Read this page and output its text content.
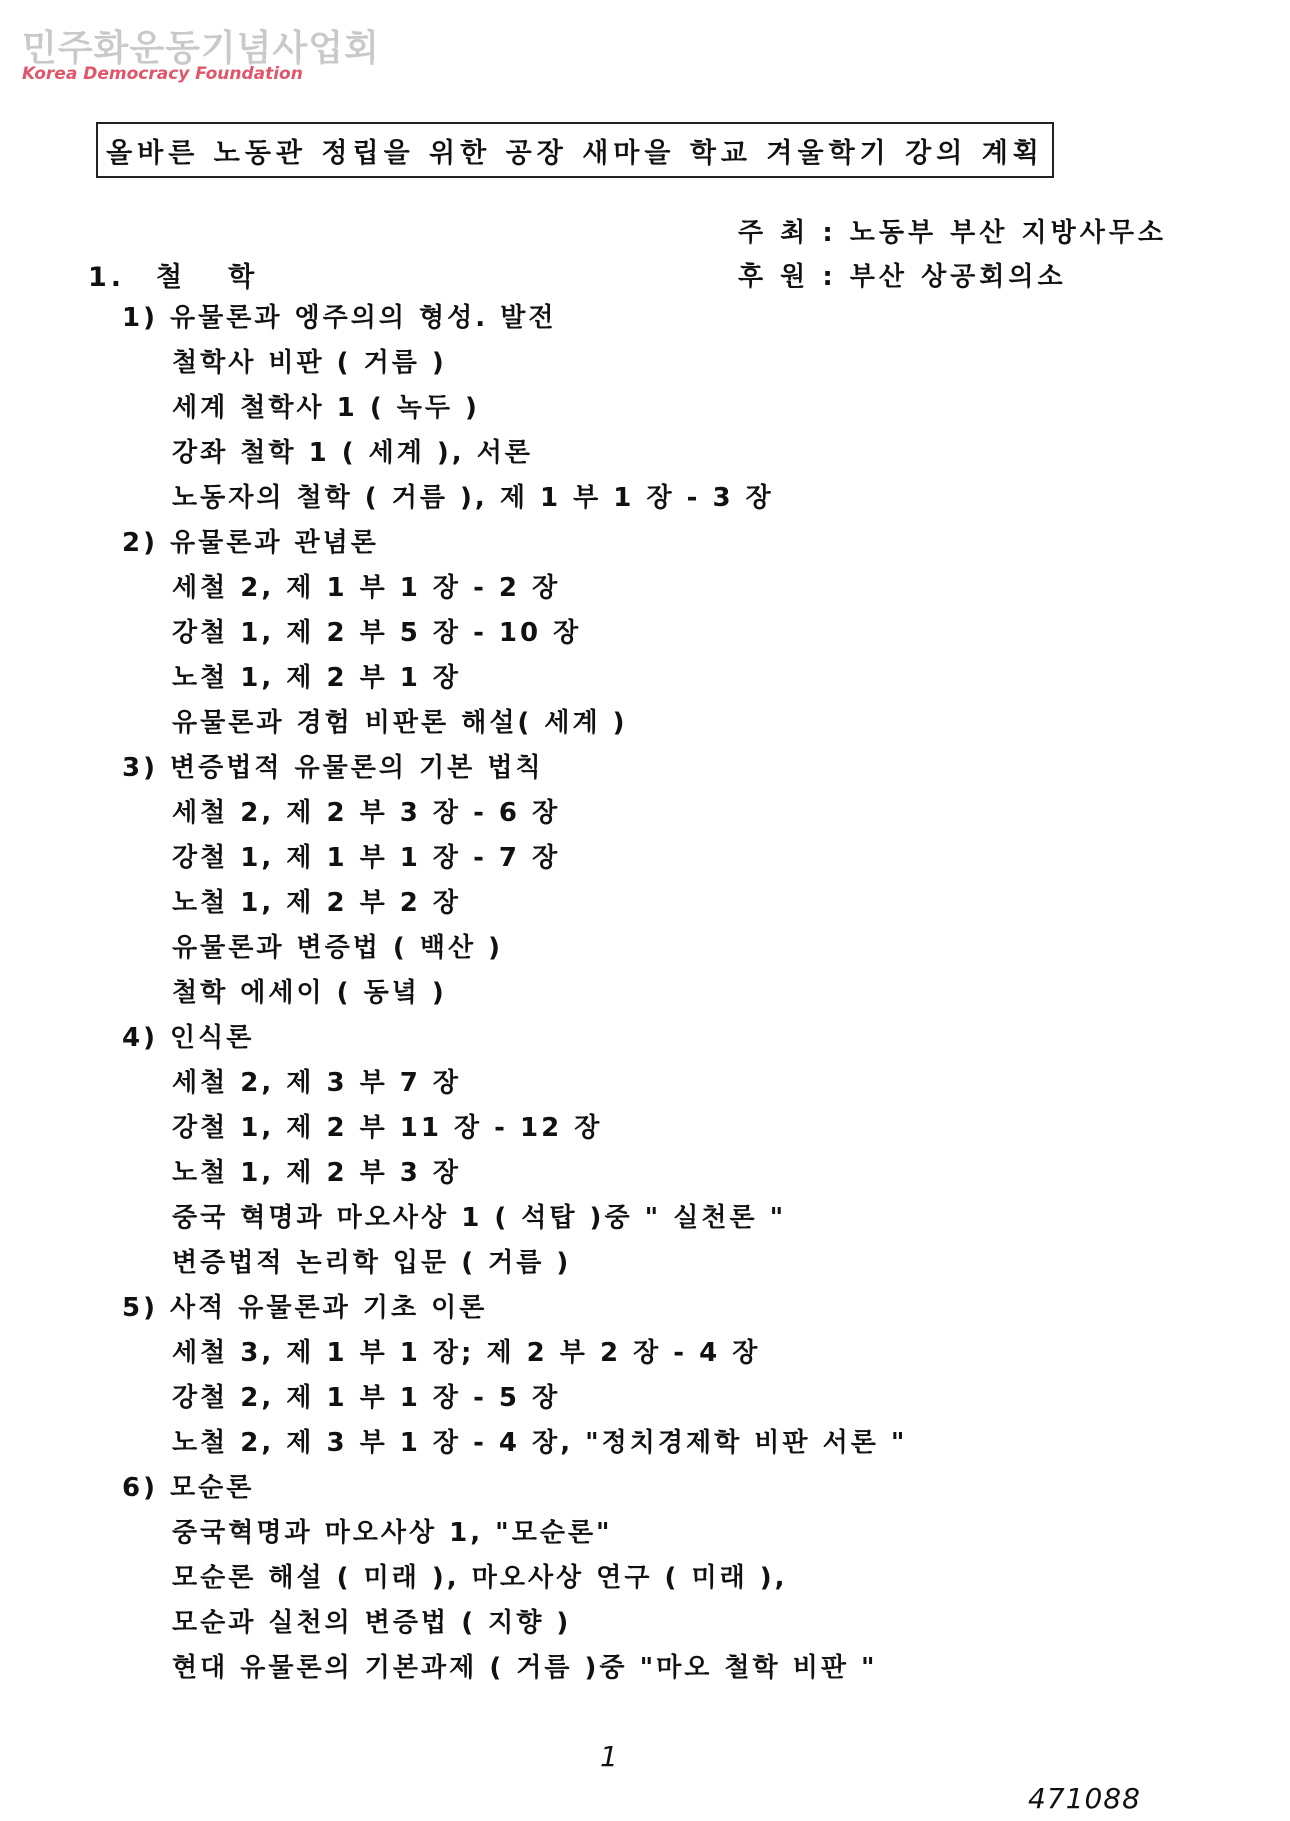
민주화운동기념사업회
Korea Democracy Foundation
올바른 노동관 정립을 위한 공장 새마을 학교 겨울학기 강의 계획
주 최 : 노동부 부산 지방사무소
후 원 : 부산 상공회의소
1. 철학
1) 유물론과 엥주의의 형성. 발전
철학사 비판 ( 거름 )
세계 철학사 1 ( 녹두 )
강좌 철학 1 ( 세계 ), 서론
노동자의 철학 ( 거름 ), 제 1 부 1 장 - 3 장
2) 유물론과 관념론
세철 2, 제 1 부 1 장 - 2 장
강철 1, 제 2 부 5 장 - 10 장
노철 1, 제 2 부 1 장
유물론과 경험 비판론 해설( 세계 )
3) 변증법적 유물론의 기본 법칙
세철 2, 제 2 부 3 장 - 6 장
강철 1, 제 1 부 1 장 - 7 장
노철 1, 제 2 부 2 장
유물론과 변증법 ( 백산 )
철학 에세이 ( 동녘 )
4) 인식론
세철 2, 제 3 부 7 장
강철 1, 제 2 부 11 장 - 12 장
노철 1, 제 2 부 3 장
중국 혁명과 마오사상 1 ( 석탑 )중 " 실천론 "
변증법적 논리학 입문 ( 거름 )
5) 사적 유물론과 기초 이론
세철 3, 제 1 부 1 장; 제 2 부 2 장 - 4 장
강철 2, 제 1 부 1 장 - 5 장
노철 2, 제 3 부 1 장 - 4 장, "정치경제학 비판 서론 "
6) 모순론
중국혁명과 마오사상 1, "모순론"
모순론 해설 ( 미래 ), 마오사상 연구 ( 미래 ),
모순과 실천의 변증법 ( 지향 )
현대 유물론의 기본과제 ( 거름 )중 "마오 철학 비판 "
1
471088
